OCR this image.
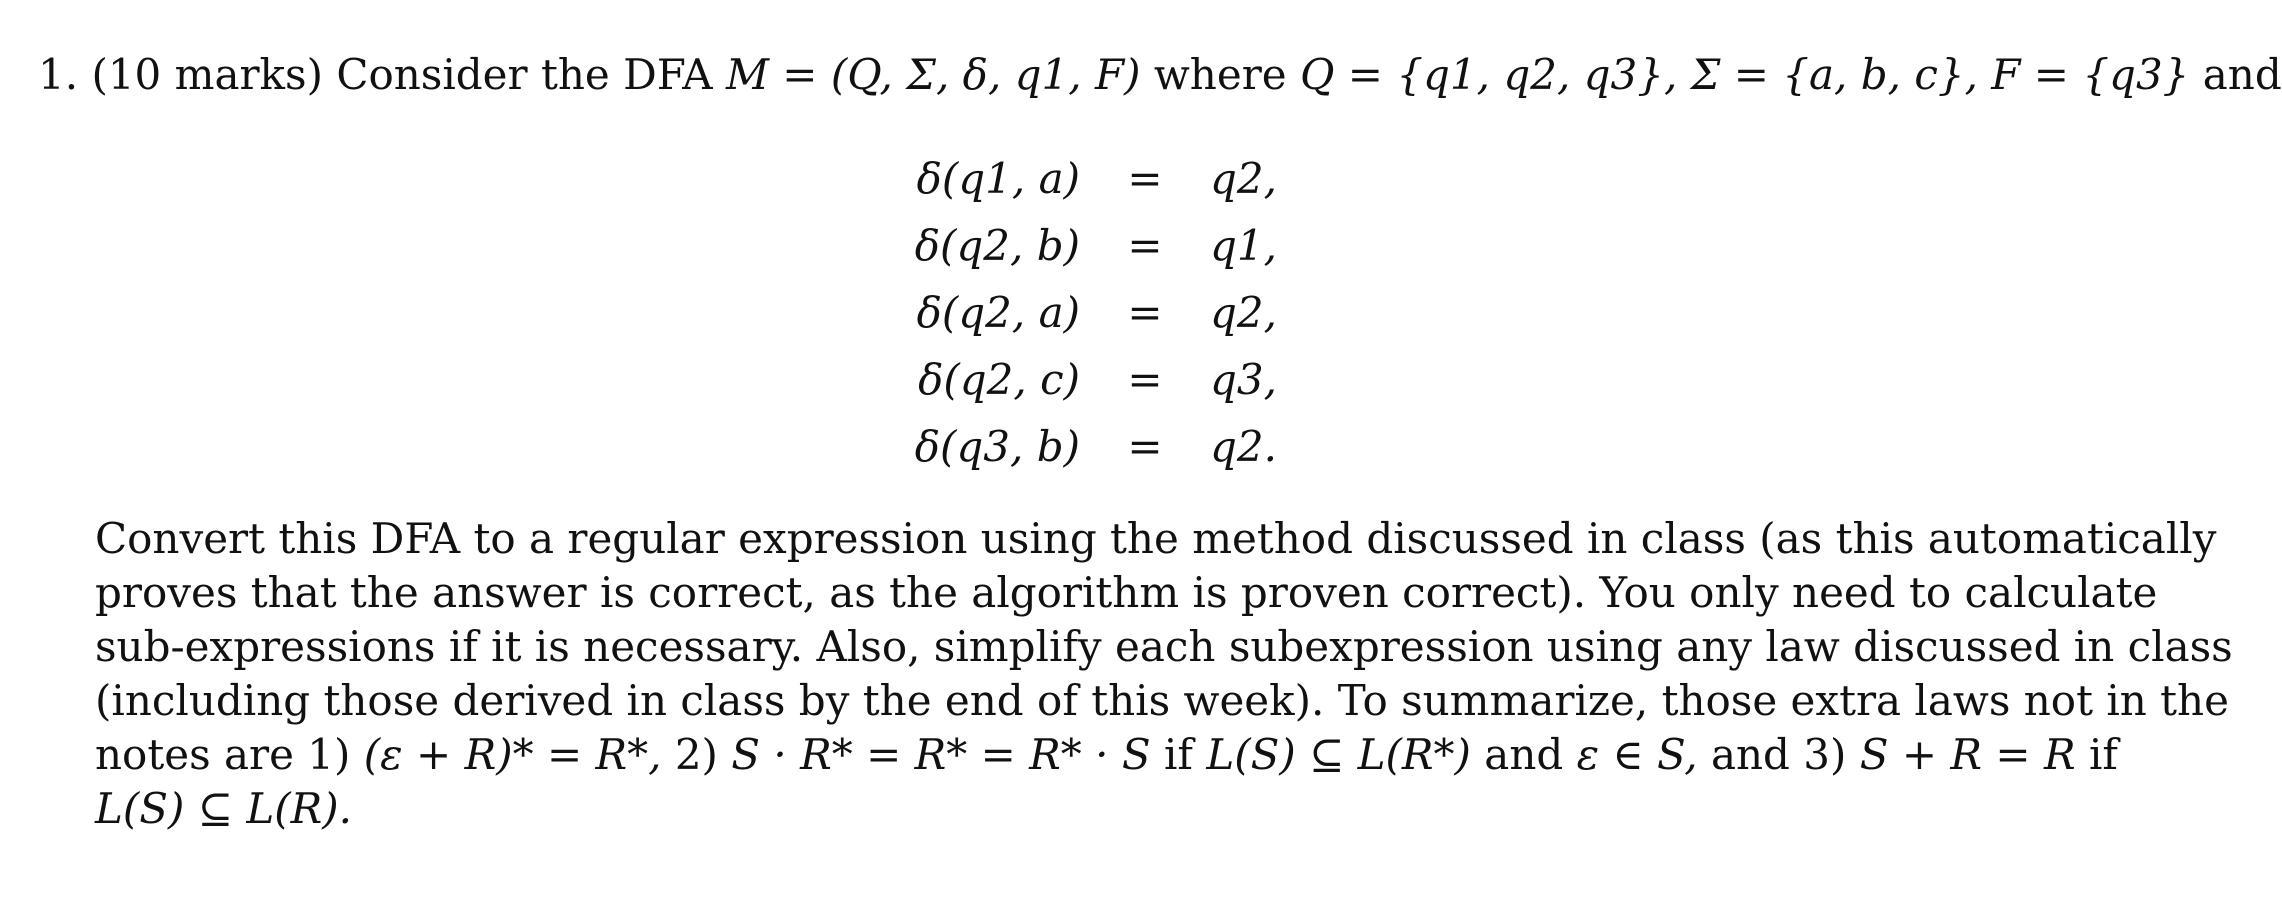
1. (10 marks) Consider the DFA M = (Q, Σ, δ, q1, F) where Q = {q1, q2, q3}, Σ = {a, b, c}, F = {q3} and
δ(q1, a) = q2,
δ(q2, b) = q1,
δ(q2, a) = q2,
δ(q2, c) = q3,
δ(q3, b) = q2.
Convert this DFA to a regular expression using the method discussed in class (as this automatically
proves that the answer is correct, as the algorithm is proven correct). You only need to calculate
sub-expressions if it is necessary. Also, simplify each subexpression using any law discussed in class
(including those derived in class by the end of this week). To summarize, those extra laws not in the
notes are 1) (ε + R)* = R*, 2) S · R* = R* = R* · S if L(S) ⊆ L(R*) and ε ∈ S, and 3) S + R = R if
L(S) ⊆ L(R).
